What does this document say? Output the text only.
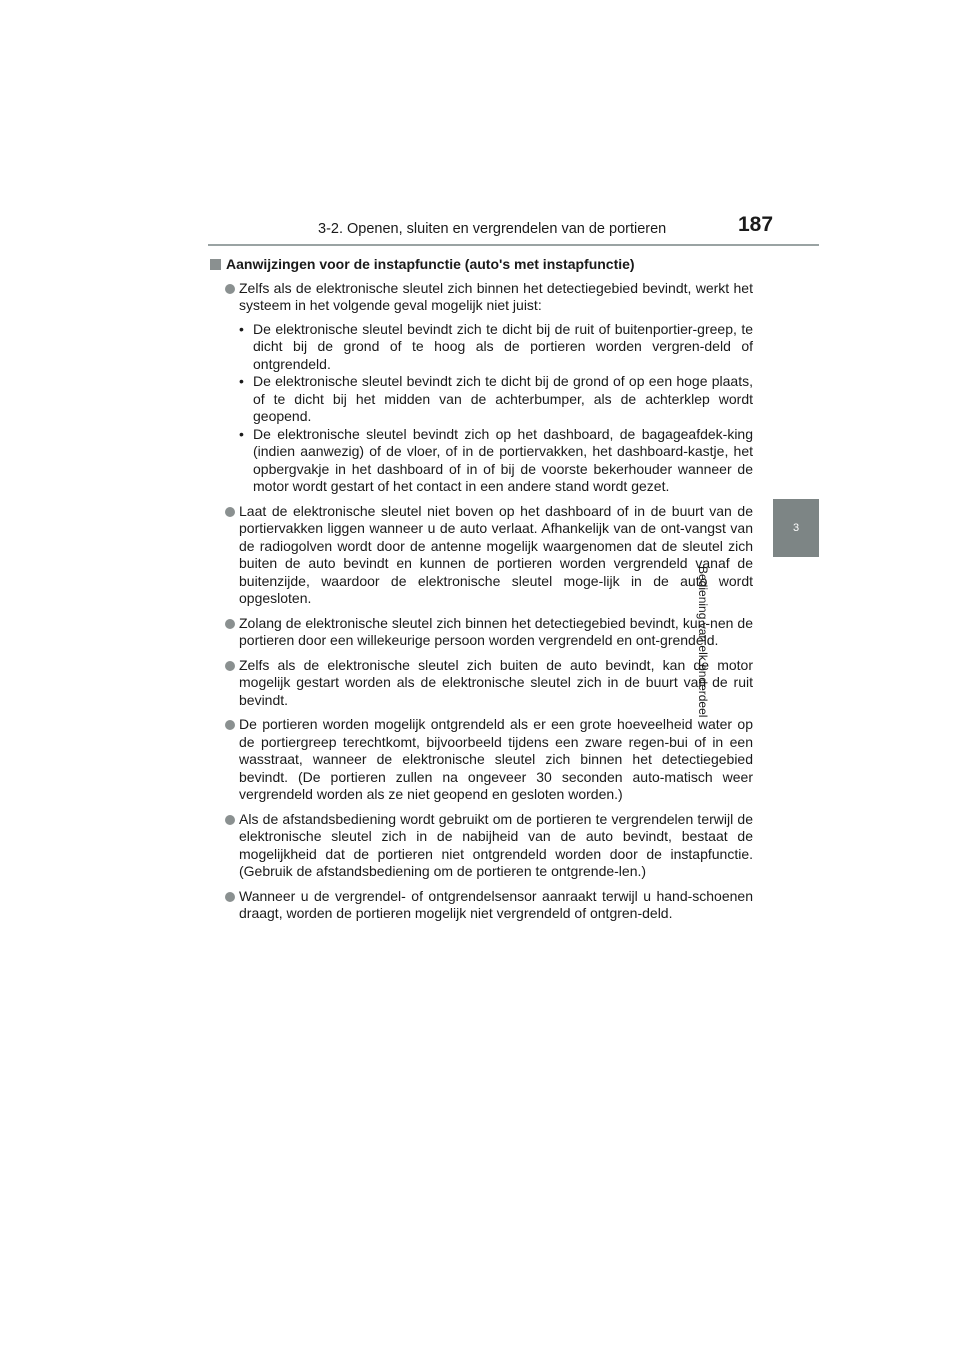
3-2. Openen, sluiten en vergrendelen van de portieren	187
3
Bediening van elk onderdeel
Aanwijzingen voor de instapfunctie (auto's met instapfunctie)

Zelfs als de elektronische sleutel zich binnen het detectiegebied bevindt, werkt het systeem in het volgende geval mogelijk niet juist:

• De elektronische sleutel bevindt zich te dicht bij de ruit of buitenportier-greep, te dicht bij de grond of te hoog als de portieren worden vergren-deld of ontgrendeld.

• De elektronische sleutel bevindt zich te dicht bij de grond of op een hoge plaats, of te dicht bij het midden van de achterbumper, als de achterklep wordt geopend.

• De elektronische sleutel bevindt zich op het dashboard, de bagageafdek-king (indien aanwezig) of de vloer, of in de portiervakken, het dashboard-kastje, het opbergvakje in het dashboard of in of bij de voorste bekerhouder wanneer de motor wordt gestart of het contact in een andere stand wordt gezet.

Laat de elektronische sleutel niet boven op het dashboard of in de buurt van de portiervakken liggen wanneer u de auto verlaat. Afhankelijk van de ont-vangst van de radiogolven wordt door de antenne mogelijk waargenomen dat de sleutel zich buiten de auto bevindt en kunnen de portieren worden vergrendeld vanaf de buitenzijde, waardoor de elektronische sleutel moge-lijk in de auto wordt opgesloten.

Zolang de elektronische sleutel zich binnen het detectiegebied bevindt, kun-nen de portieren door een willekeurige persoon worden vergrendeld en ont-grendeld.

Zelfs als de elektronische sleutel zich buiten de auto bevindt, kan de motor mogelijk gestart worden als de elektronische sleutel zich in de buurt van de ruit bevindt.

De portieren worden mogelijk ontgrendeld als er een grote hoeveelheid water op de portiergreep terechtkomt, bijvoorbeeld tijdens een zware regen-bui of in een wasstraat, wanneer de elektronische sleutel zich binnen het detectiegebied bevindt. (De portieren zullen na ongeveer 30 seconden auto-matisch weer vergrendeld worden als ze niet geopend en gesloten worden.)

Als de afstandsbediening wordt gebruikt om de portieren te vergrendelen terwijl de elektronische sleutel zich in de nabijheid van de auto bevindt, bestaat de mogelijkheid dat de portieren niet ontgrendeld worden door de instapfunctie. (Gebruik de afstandsbediening om de portieren te ontgrende-len.)

Wanneer u de vergrendel- of ontgrendelsensor aanraakt terwijl u hand-schoenen draagt, worden de portieren mogelijk niet vergrendeld of ontgren-deld.
